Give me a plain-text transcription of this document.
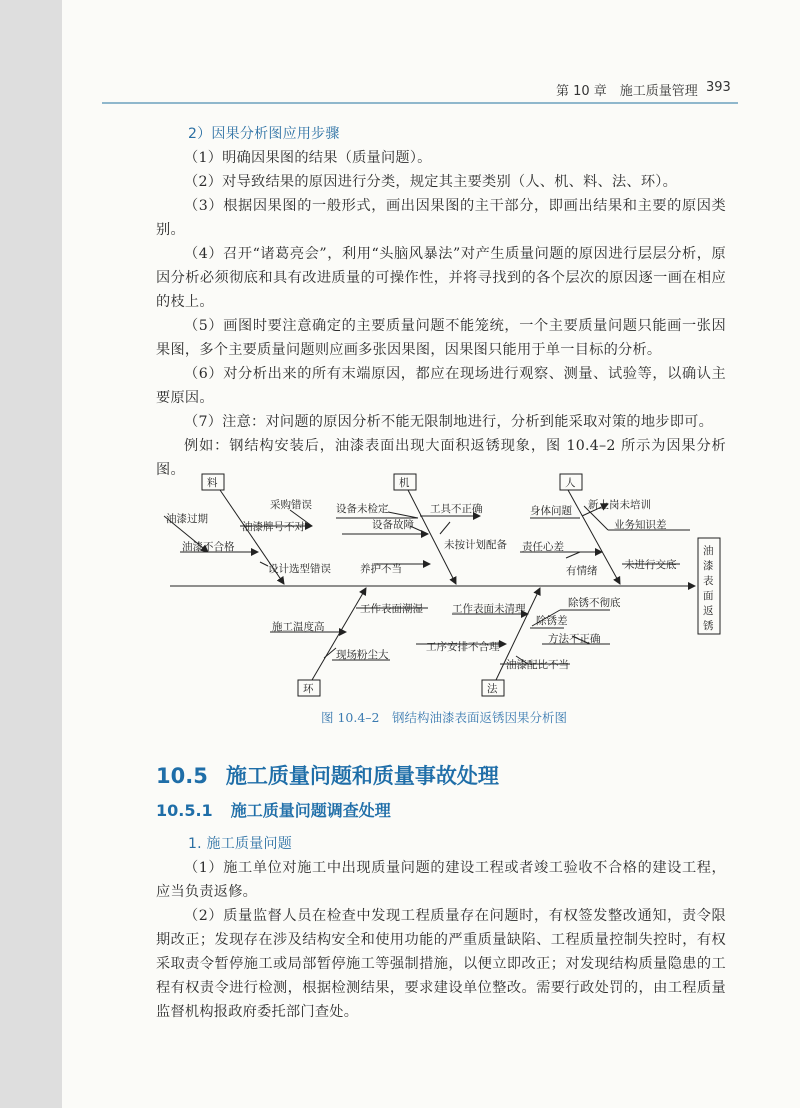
第 10 章　施工质量管理 393
2）因果分析图应用步骤

（1）明确因果图的结果（质量问题）。

（2）对导致结果的原因进行分类，规定其主要类别（人、机、料、法、环）。

（3）根据因果图的一般形式，画出因果图的主干部分，即画出结果和主要的原因类别。

（4）召开“诸葛亮会”，利用“头脑风暴法”对产生质量问题的原因进行层层分析，原因分析必须彻底和具有改进质量的可操作性，并将寻找到的各个层次的原因逐一画在相应的枝上。

（5）画图时要注意确定的主要质量问题不能笼统，一个主要质量问题只能画一张因果图，多个主要质量问题则应画多张因果图，因果图只能用于单一目标的分析。

（6）对分析出来的所有末端原因，都应在现场进行观察、测量、试验等，以确认主要原因。

（7）注意：对问题的原因分析不能无限制地进行，分析到能采取对策的地步即可。

例如：钢结构安装后，油漆表面出现大面积返锈现象，图 10.4–2 所示为因果分析图。

料	机	人
环	法
油
漆
表
面
返
锈
采购错误
油漆过期
油漆牌号不对
油漆不合格
设计选型错误
设备未检定	工具不正确
设备故障
未按计划配备
养护不当
身体问题 新上岗未培训
业务知识差
责任心差
有情绪	未进行交底
工作表面潮湿
施工温度高
现场粉尘大
工作表面未清理	除锈不彻底
除锈差
方法不正确
工序安排不合理
油漆配比不当
图 10.4–2　钢结构油漆表面返锈因果分析图
10.5 施工质量问题和质量事故处理
10.5.1 施工质量问题调查处理
1. 施工质量问题

（1）施工单位对施工中出现质量问题的建设工程或者竣工验收不合格的建设工程，应当负责返修。

（2）质量监督人员在检查中发现工程质量存在问题时，有权签发整改通知，责令限期改正；发现存在涉及结构安全和使用功能的严重质量缺陷、工程质量控制失控时，有权采取责令暂停施工或局部暂停施工等强制措施，以便立即改正；对发现结构质量隐患的工程有权责令进行检测，根据检测结果，要求建设单位整改。需要行政处罚的，由工程质量监督机构报政府委托部门查处。
